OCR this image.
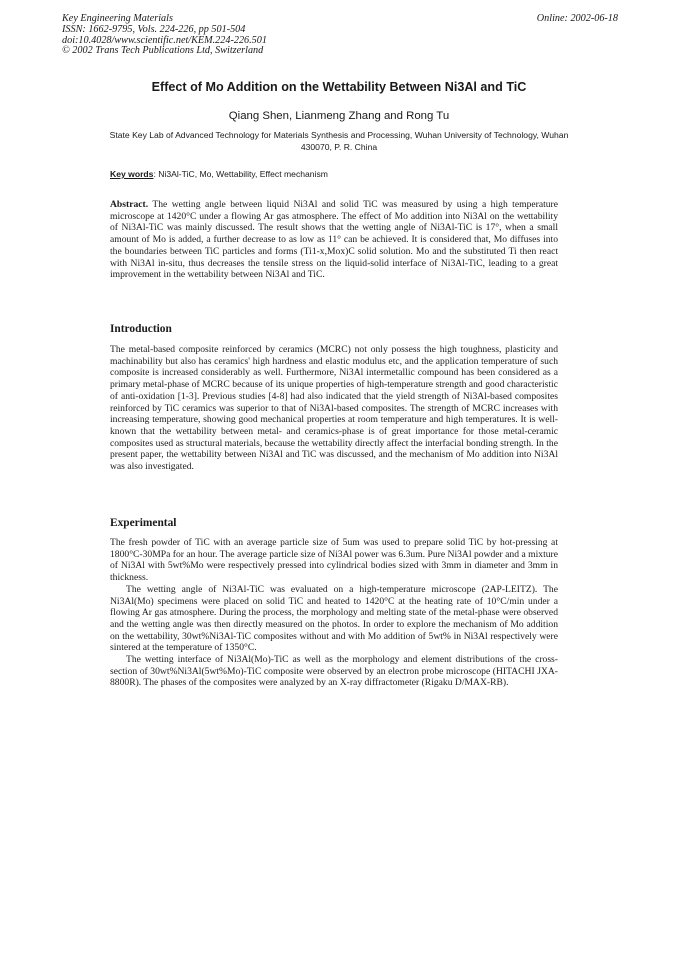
Key Engineering Materials
ISSN: 1662-9795, Vols. 224-226, pp 501-504
doi:10.4028/www.scientific.net/KEM.224-226.501
© 2002 Trans Tech Publications Ltd, Switzerland
Online: 2002-06-18
Effect of Mo Addition on the Wettability Between Ni3Al and TiC
Qiang Shen, Lianmeng Zhang and Rong Tu
State Key Lab of Advanced Technology for Materials Synthesis and Processing, Wuhan University of Technology, Wuhan 430070, P. R. China
Key words: Ni3Al-TiC, Mo, Wettability, Effect mechanism
Abstract. The wetting angle between liquid Ni3Al and solid TiC was measured by using a high temperature microscope at 1420°C under a flowing Ar gas atmosphere. The effect of Mo addition into Ni3Al on the wettability of Ni3Al-TiC was mainly discussed. The result shows that the wetting angle of Ni3Al-TiC is 17°, when a small amount of Mo is added, a further decrease to as low as 11° can be achieved. It is considered that, Mo diffuses into the boundaries between TiC particles and forms (Ti1-x,Mox)C solid solution. Mo and the substituted Ti then react with Ni3Al in-situ, thus decreases the tensile stress on the liquid-solid interface of Ni3Al-TiC, leading to a great improvement in the wettability between Ni3Al and TiC.
Introduction
The metal-based composite reinforced by ceramics (MCRC) not only possess the high toughness, plasticity and machinability but also has ceramics' high hardness and elastic modulus etc, and the application temperature of such composite is increased considerably as well. Furthermore, Ni3Al intermetallic compound has been considered as a primary metal-phase of MCRC because of its unique properties of high-temperature strength and good characteristic of anti-oxidation [1-3]. Previous studies [4-8] had also indicated that the yield strength of Ni3Al-based composites reinforced by TiC ceramics was superior to that of Ni3Al-based composites. The strength of MCRC increases with increasing temperature, showing good mechanical properties at room temperature and high temperatures. It is well-known that the wettability between metal- and ceramics-phase is of great importance for those metal-ceramic composites used as structural materials, because the wettability directly affect the interfacial bonding strength. In the present paper, the wettability between Ni3Al and TiC was discussed, and the mechanism of Mo addition into Ni3Al was also investigated.
Experimental

The fresh powder of TiC with an average particle size of 5um was used to prepare solid TiC by hot-pressing at 1800°C-30MPa for an hour. The average particle size of Ni3Al power was 6.3um. Pure Ni3Al powder and a mixture of Ni3Al with 5wt%Mo were respectively pressed into cylindrical bodies sized with 3mm in diameter and 3mm in thickness.

The wetting angle of Ni3Al-TiC was evaluated on a high-temperature microscope (2AP-LEITZ). The Ni3Al(Mo) specimens were placed on solid TiC and heated to 1420°C at the heating rate of 10°C/min under a flowing Ar gas atmosphere. During the process, the morphology and melting state of the metal-phase were observed and the wetting angle was then directly measured on the photos. In order to explore the mechanism of Mo addition on the wettability, 30wt%Ni3Al-TiC composites without and with Mo addition of 5wt% in Ni3Al respectively were sintered at the temperature of 1350°C.

The wetting interface of Ni3Al(Mo)-TiC as well as the morphology and element distributions of the cross-section of 30wt%Ni3Al(5wt%Mo)-TiC composite were observed by an electron probe microscope (HITACHI JXA-8800R). The phases of the composites were analyzed by an X-ray diffractometer (Rigaku D/MAX-RB).
